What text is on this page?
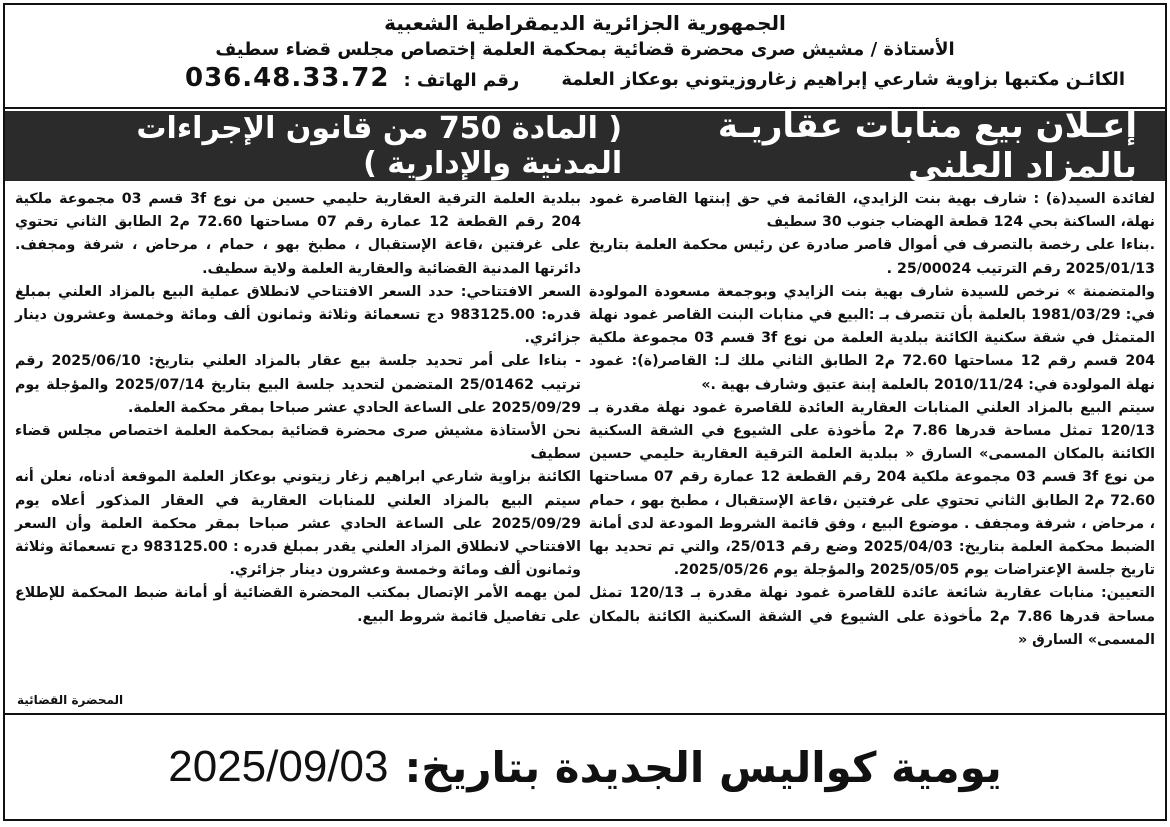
الجمهورية الجزائرية الديمقراطية الشعبية
الأستاذة / مشيش صرى محضرة قضائية بمحكمة العلمة إختصاص مجلس قضاء سطيف
الكائـن مكتبها بزاوية شارعي إبراهيم زغاروزيتوني بوعكاز العلمة
رقم الهاتف :
036.48.33.72
إعـلان بيع منابات عقاريـة بالمزاد العلني
( المادة 750 من قانون الإجراءات المدنية والإدارية )

لفائدة السيد(ة) : شارف بهية بنت الزايدي، القائمة في حق إبنتها القاصرة غمود نهلة، الساكنة بحي 124 قطعة الهضاب جنوب 30 سطيف

.بناءا على رخصة بالتصرف في أموال قاصر صادرة عن رئيس محكمة العلمة بتاريخ 2025/01/13 رقم الترتيب 25/00024 .

والمتضمنة » نرخص للسيدة شارف بهية بنت الزايدي وبوجمعة مسعودة المولودة في: 1981/03/29 بالعلمة بأن تتصرف بـ :البيع في منابات البنت القاصر غمود نهلة المتمثل في شقة سكنية الكائنة ببلدية العلمة من نوع 3f قسم 03 مجموعة ملكية 204 قسم رقم 12 مساحتها 72.60 م2 الطابق الثاني ملك لـ: القاصر(ة): غمود نهلة المولودة في: 2010/11/24 بالعلمة إبنة عتيق وشارف بهية .»

سيتم البيع بالمزاد العلني المنابات العقارية العائدة للقاصرة غمود نهلة مقدرة بـ 120/13 تمثل مساحة قدرها 7.86 م2 مأخوذة على الشيوع في الشقة السكنية الكائنة بالمكان المسمى» السارق « ببلدية العلمة الترقية العقارية حليمي حسين من نوع 3f قسم 03 مجموعة ملكية 204 رقم القطعة 12 عمارة رقم 07 مساحتها 72.60 م2 الطابق الثاني تحتوي على غرفتين ،قاعة الإستقبال ، مطبخ بهو ، حمام ، مرحاض ، شرفة ومجفف . موضوع البيع ، وفق قائمة الشروط المودعة لدى أمانة الضبط محكمة العلمة بتاريخ: 2025/04/03 وضع رقم 25/013، والتي تم تحديد بها تاريخ جلسة الإعتراضات يوم 2025/05/05 والمؤجلة يوم 2025/05/26.

التعيين: منابات عقارية شائعة عائدة للقاصرة غمود نهلة مقدرة بـ 120/13 تمثل مساحة قدرها 7.86 م2 مأخوذة على الشيوع في الشقة السكنية الكائنة بالمكان المسمى» السارق «

ببلدية العلمة الترقية العقارية حليمي حسين من نوع 3f قسم 03 مجموعة ملكية 204 رقم القطعة 12 عمارة رقم 07 مساحتها 72.60 م2 الطابق الثاني تحتوي على غرفتين ،قاعة الإستقبال ، مطبخ بهو ، حمام ، مرحاض ، شرفة ومجفف. دائرتها المدنية القضائية والعقارية العلمة ولاية سطيف.

السعر الافتتاحي: حدد السعر الافتتاحي لانطلاق عملية البيع بالمزاد العلني بمبلغ قدره: 983125.00 دج تسعمائة وثلاثة وثمانون ألف ومائة وخمسة وعشرون دينار جزائري.

- بناءا على أمر تحديد جلسة بيع عقار بالمزاد العلني بتاريخ: 2025/06/10 رقم ترتيب 25/01462 المتضمن لتحديد جلسة البيع بتاريخ 2025/07/14 والمؤجلة يوم 2025/09/29 على الساعة الحادي عشر صباحا بمقر محكمة العلمة.

نحن الأستاذة مشيش صرى محضرة قضائية بمحكمة العلمة اختصاص مجلس قضاء سطيف

الكائنة بزاوية شارعي ابراهيم زغار زيتوني بوعكاز العلمة الموقعة أدناه، نعلن أنه سيتم البيع بالمزاد العلني للمنابات العقارية في العقار المذكور أعلاه يوم 2025/09/29 على الساعة الحادي عشر صباحا بمقر محكمة العلمة وأن السعر الافتتاحي لانطلاق المزاد العلني يقدر بمبلغ قدره : 983125.00 دج تسعمائة وثلاثة وثمانون ألف ومائة وخمسة وعشرون دينار جزائري.

لمن يهمه الأمر الإتصال بمكتب المحضرة القضائية أو أمانة ضبط المحكمة للإطلاع على تفاصيل قائمة شروط البيع.

المحضرة القضائية
يومية كواليس الجديدة بتاريخ:
2025/09/03
